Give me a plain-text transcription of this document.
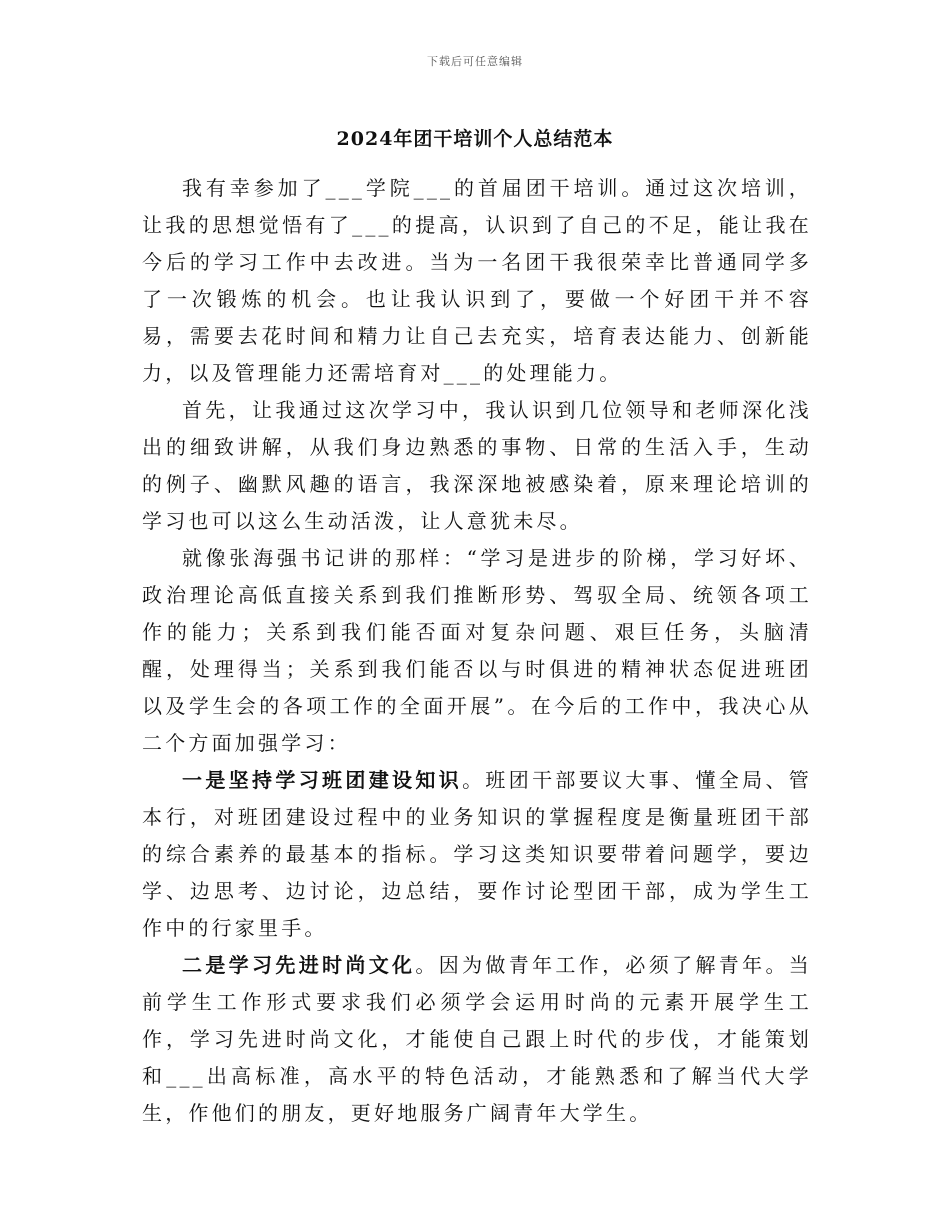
下载后可任意编辑
2024年团干培训个人总结范本

我有幸参加了___学院___的首届团干培训。通过这次培训，让我的思想觉悟有了___的提高，认识到了自己的不足，能让我在今后的学习工作中去改进。当为一名团干我很荣幸比普通同学多了一次锻炼的机会。也让我认识到了，要做一个好团干并不容易，需要去花时间和精力让自己去充实，培育表达能力、创新能力，以及管理能力还需培育对___的处理能力。

首先，让我通过这次学习中，我认识到几位领导和老师深化浅出的细致讲解，从我们身边熟悉的事物、日常的生活入手，生动的例子、幽默风趣的语言，我深深地被感染着，原来理论培训的学习也可以这么生动活泼，让人意犹未尽。

就像张海强书记讲的那样：“学习是进步的阶梯，学习好坏、政治理论高低直接关系到我们推断形势、驾驭全局、统领各项工作的能力；关系到我们能否面对复杂问题、艰巨任务，头脑清醒，处理得当；关系到我们能否以与时俱进的精神状态促进班团以及学生会的各项工作的全面开展”。在今后的工作中，我决心从二个方面加强学习：

一是坚持学习班团建设知识。班团干部要议大事、懂全局、管本行，对班团建设过程中的业务知识的掌握程度是衡量班团干部的综合素养的最基本的指标。学习这类知识要带着问题学，要边学、边思考、边讨论，边总结，要作讨论型团干部，成为学生工作中的行家里手。

二是学习先进时尚文化。因为做青年工作，必须了解青年。当前学生工作形式要求我们必须学会运用时尚的元素开展学生工作，学习先进时尚文化，才能使自己跟上时代的步伐，才能策划和___出高标准，高水平的特色活动，才能熟悉和了解当代大学生，作他们的朋友，更好地服务广阔青年大学生。
